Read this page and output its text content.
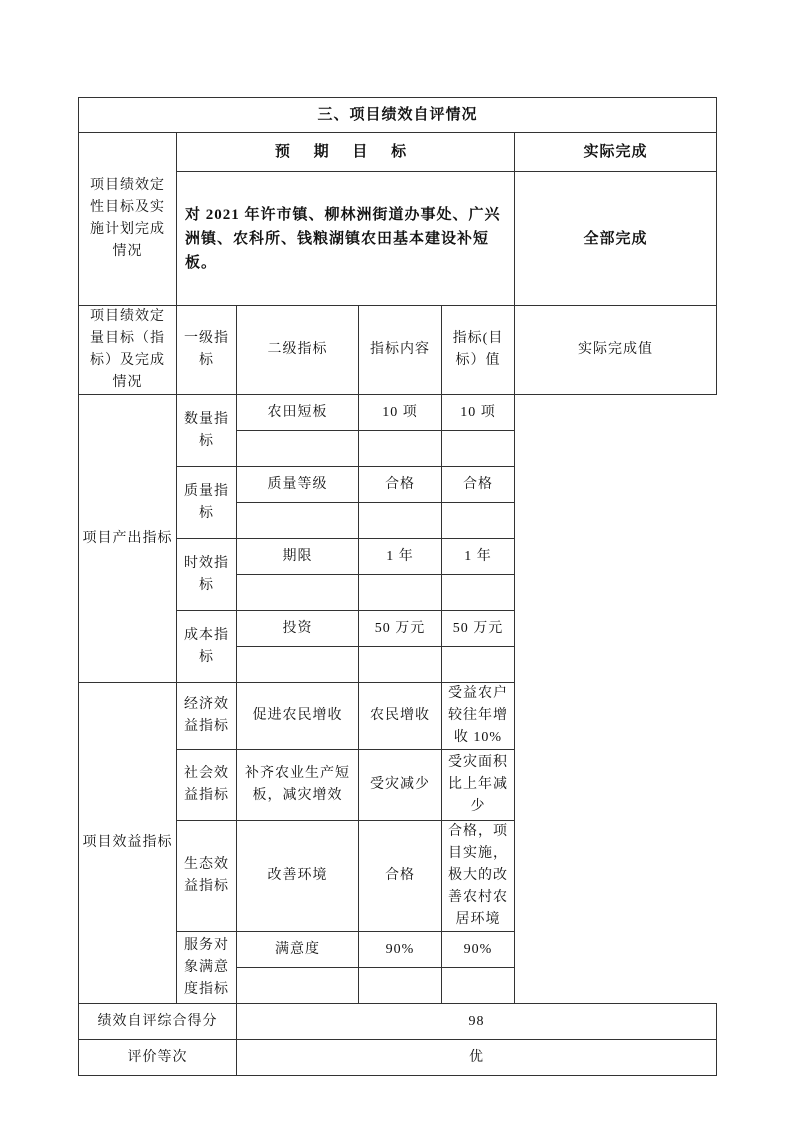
三、项目绩效自评情况					
项目绩效定性目标及实施计划完成情况	预 期 目 标				实际完成
	对 2021 年许市镇、柳林洲街道办事处、广兴洲镇、农科所、钱粮湖镇农田基本建设补短板。				全部完成
项目绩效定量目标（指标）及完成情况	一级指标	二级指标	指标内容	指标(目标）值	实际完成值
项目产出指标	数量指标	农田短板	10 项	10 项	

	质量指标	质量等级	合格	合格	

	时效指标	期限	1 年	1 年	

	成本指标	投资	50 万元	50 万元	

项目效益指标	经济效益指标	促进农民增收	农民增收	受益农户较往年增收 10%	
	社会效益指标	补齐农业生产短板，减灾增效	受灾减少	受灾面积比上年减少	
	生态效益指标	改善环境	合格	合格，项目实施，极大的改善农村农居环境	
	服务对象满意度指标	满意度	90%	90%	

绩效自评综合得分		98			
评价等次		优			
